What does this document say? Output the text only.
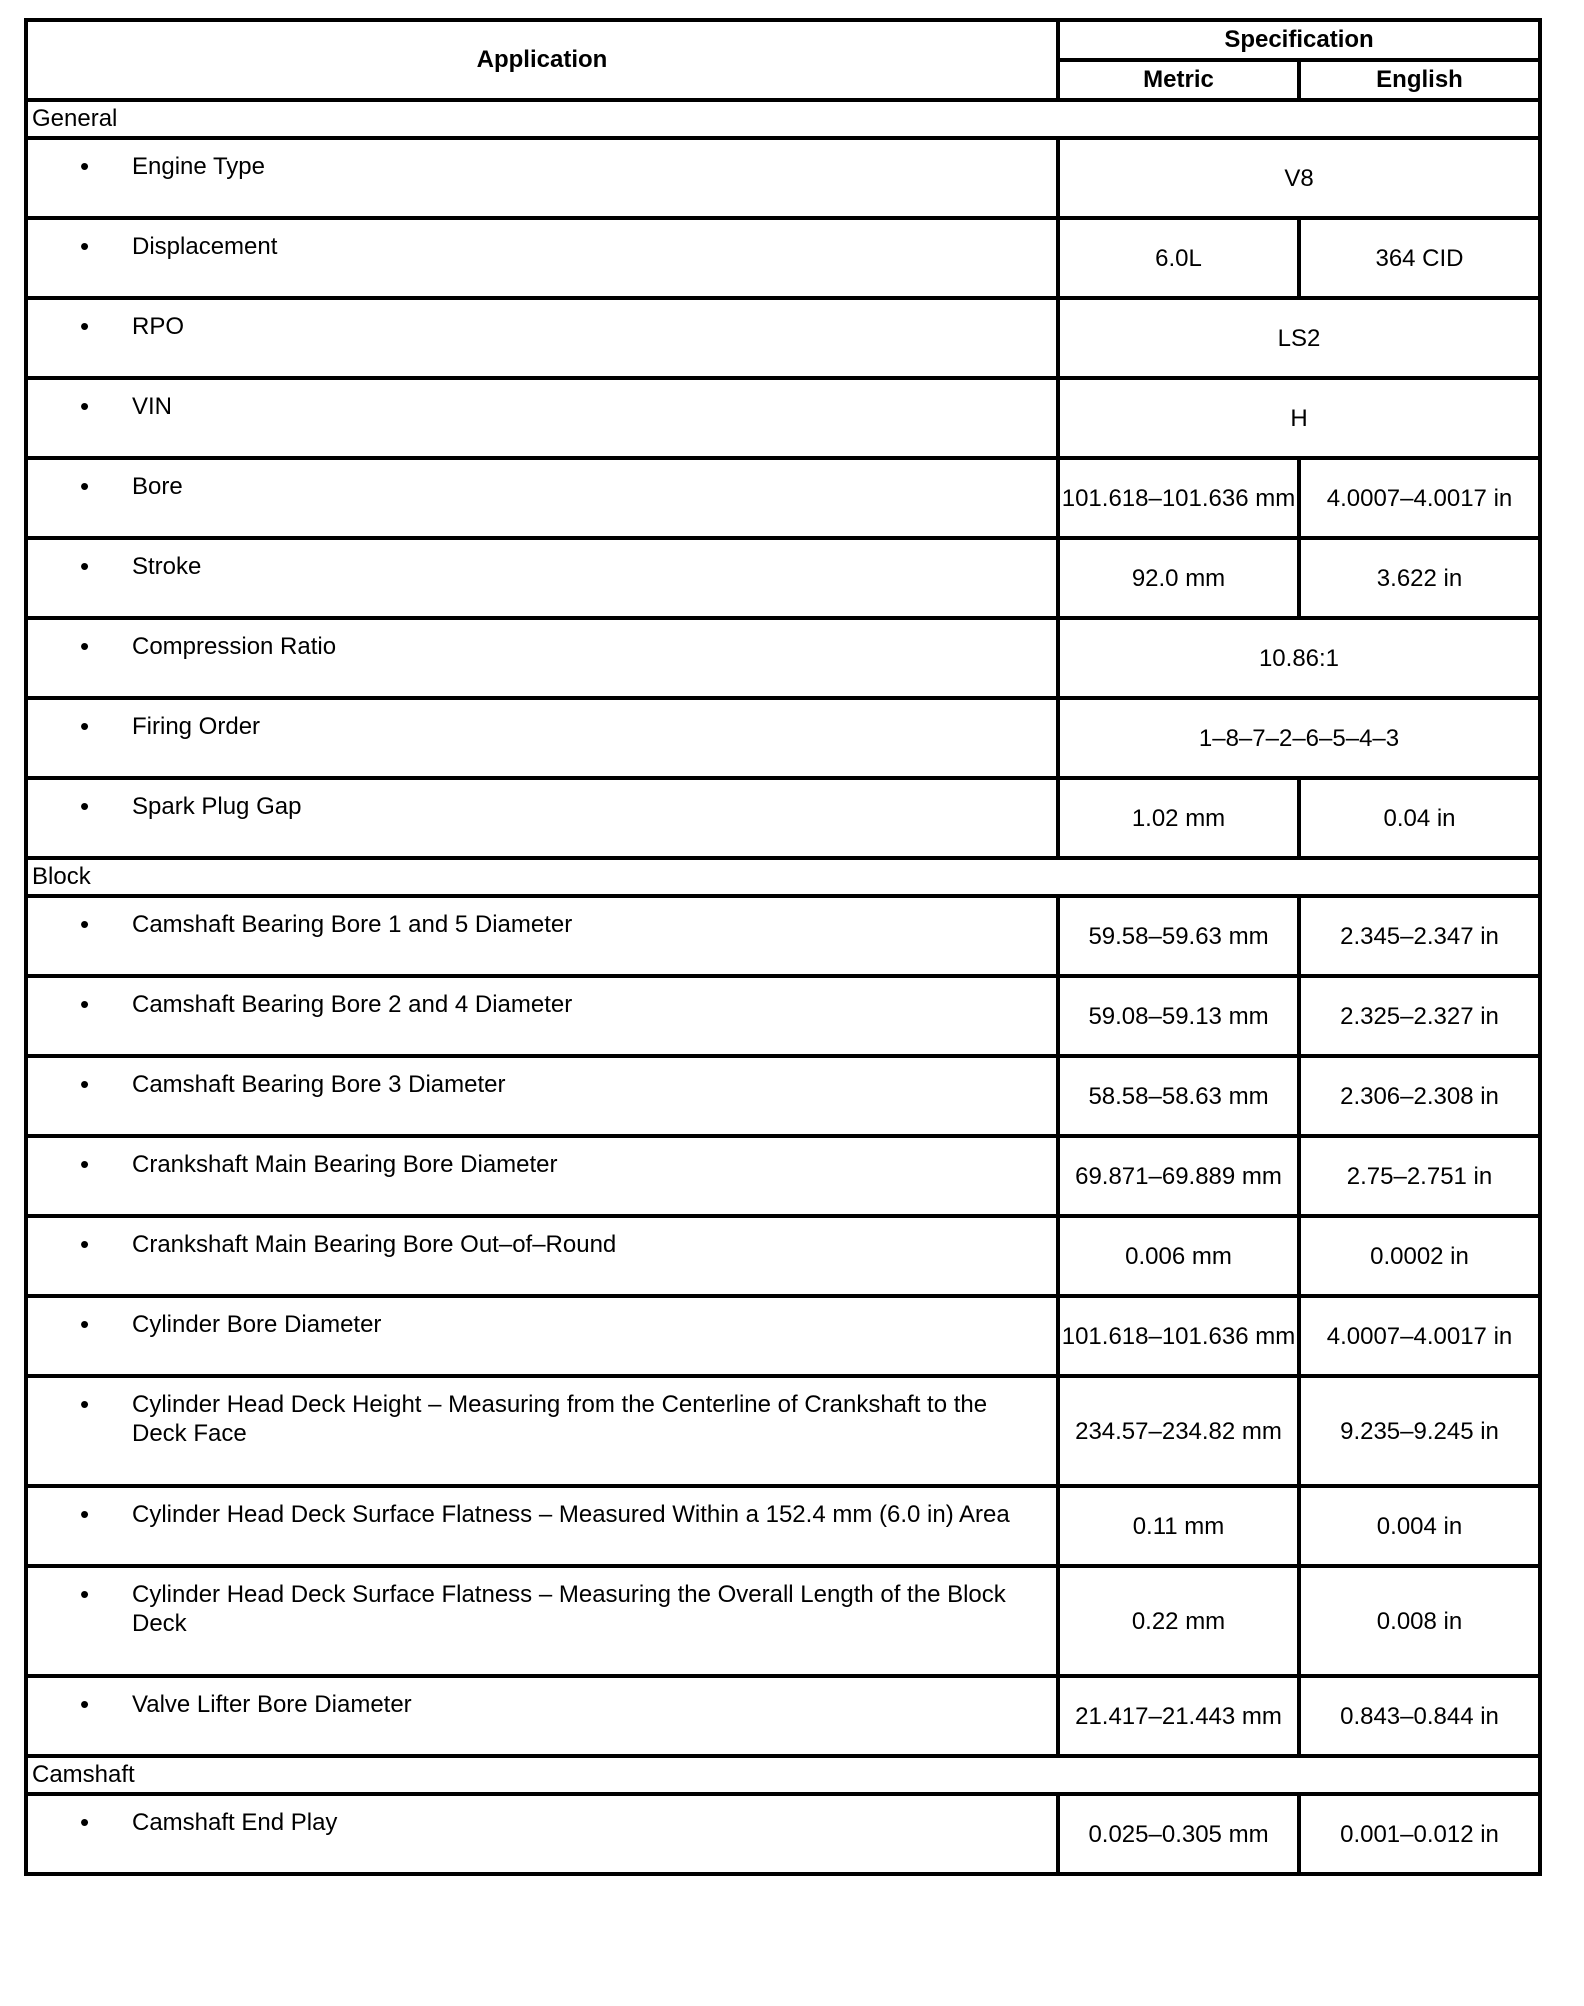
Application	Specification	
	Metric	English
General		

• Engine Type	V8	

• Displacement	6.0L	364 CID

• RPO	LS2	

• VIN	H	

• Bore	101.618–101.636 mm	4.0007–4.0017 in

• Stroke	92.0 mm	3.622 in

• Compression Ratio	10.86:1	

• Firing Order	1–8–7–2–6–5–4–3	

• Spark Plug Gap	1.02 mm	0.04 in
Block		

• Camshaft Bearing Bore 1 and 5 Diameter	59.58–59.63 mm	2.345–2.347 in

• Camshaft Bearing Bore 2 and 4 Diameter	59.08–59.13 mm	2.325–2.327 in

• Camshaft Bearing Bore 3 Diameter	58.58–58.63 mm	2.306–2.308 in

• Crankshaft Main Bearing Bore Diameter	69.871–69.889 mm	2.75–2.751 in

• Crankshaft Main Bearing Bore Out–of–Round	0.006 mm	0.0002 in

• Cylinder Bore Diameter	101.618–101.636 mm	4.0007–4.0017 in

• Cylinder Head Deck Height – Measuring from the Centerline of Crankshaft to the Deck Face	234.57–234.82 mm	9.235–9.245 in

• Cylinder Head Deck Surface Flatness – Measured Within a 152.4 mm (6.0 in) Area	0.11 mm	0.004 in

• Cylinder Head Deck Surface Flatness – Measuring the Overall Length of the Block Deck	0.22 mm	0.008 in

• Valve Lifter Bore Diameter	21.417–21.443 mm	0.843–0.844 in
Camshaft		

• Camshaft End Play	0.025–0.305 mm	0.001–0.012 in
